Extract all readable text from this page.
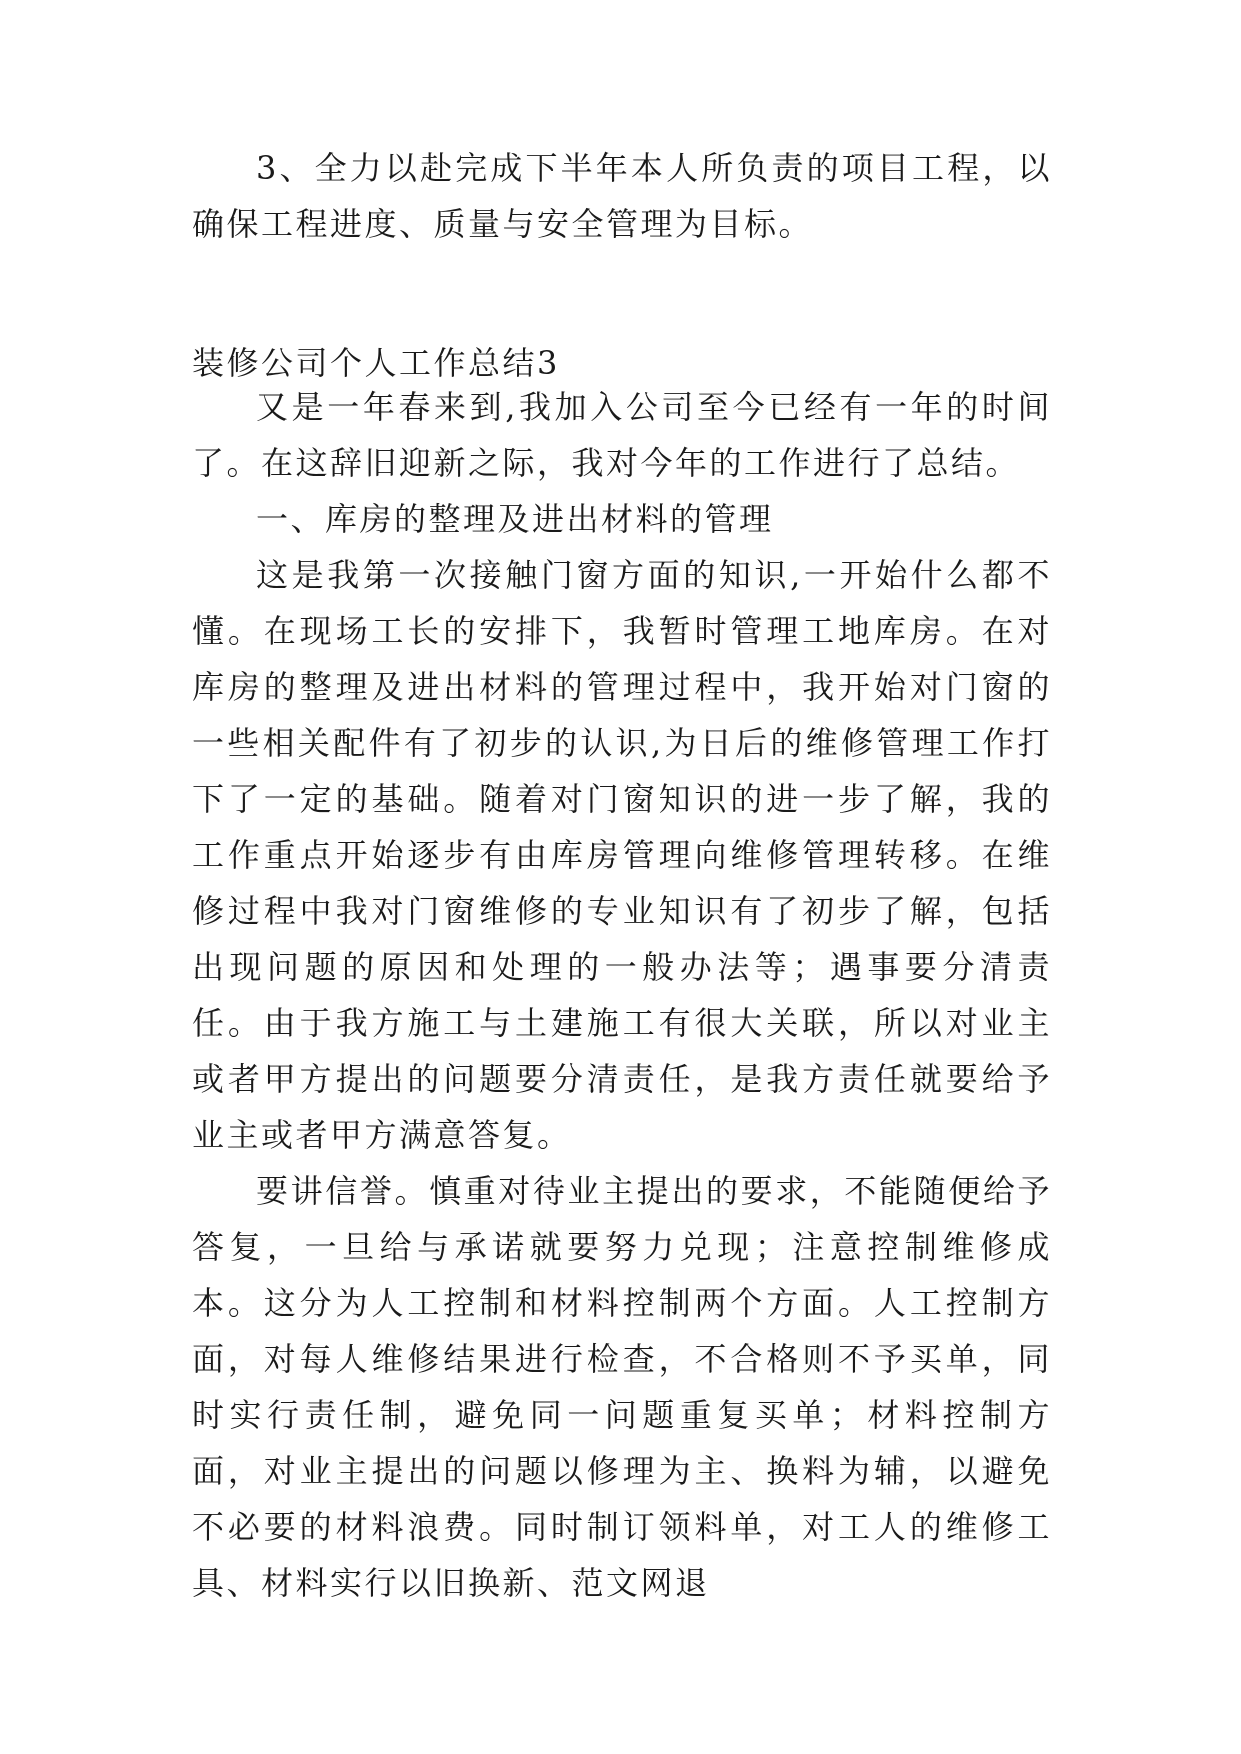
3、全力以赴完成下半年本人所负责的项目工程，以确保工程进度、质量与安全管理为目标。

装修公司个人工作总结3

又是一年春来到,我加入公司至今已经有一年的时间了。在这辞旧迎新之际，我对今年的工作进行了总结。

一、库房的整理及进出材料的管理

这是我第一次接触门窗方面的知识,一开始什么都不懂。在现场工长的安排下，我暂时管理工地库房。在对库房的整理及进出材料的管理过程中，我开始对门窗的一些相关配件有了初步的认识,为日后的维修管理工作打下了一定的基础。随着对门窗知识的进一步了解，我的工作重点开始逐步有由库房管理向维修管理转移。在维修过程中我对门窗维修的专业知识有了初步了解，包括出现问题的原因和处理的一般办法等；遇事要分清责任。由于我方施工与土建施工有很大关联，所以对业主或者甲方提出的问题要分清责任，是我方责任就要给予业主或者甲方满意答复。

要讲信誉。慎重对待业主提出的要求，不能随便给予答复，一旦给与承诺就要努力兑现；注意控制维修成本。这分为人工控制和材料控制两个方面。人工控制方面，对每人维修结果进行检查，不合格则不予买单，同时实行责任制，避免同一问题重复买单；材料控制方面，对业主提出的问题以修理为主、换料为辅，以避免不必要的材料浪费。同时制订领料单，对工人的维修工具、材料实行以旧换新、范文网退
